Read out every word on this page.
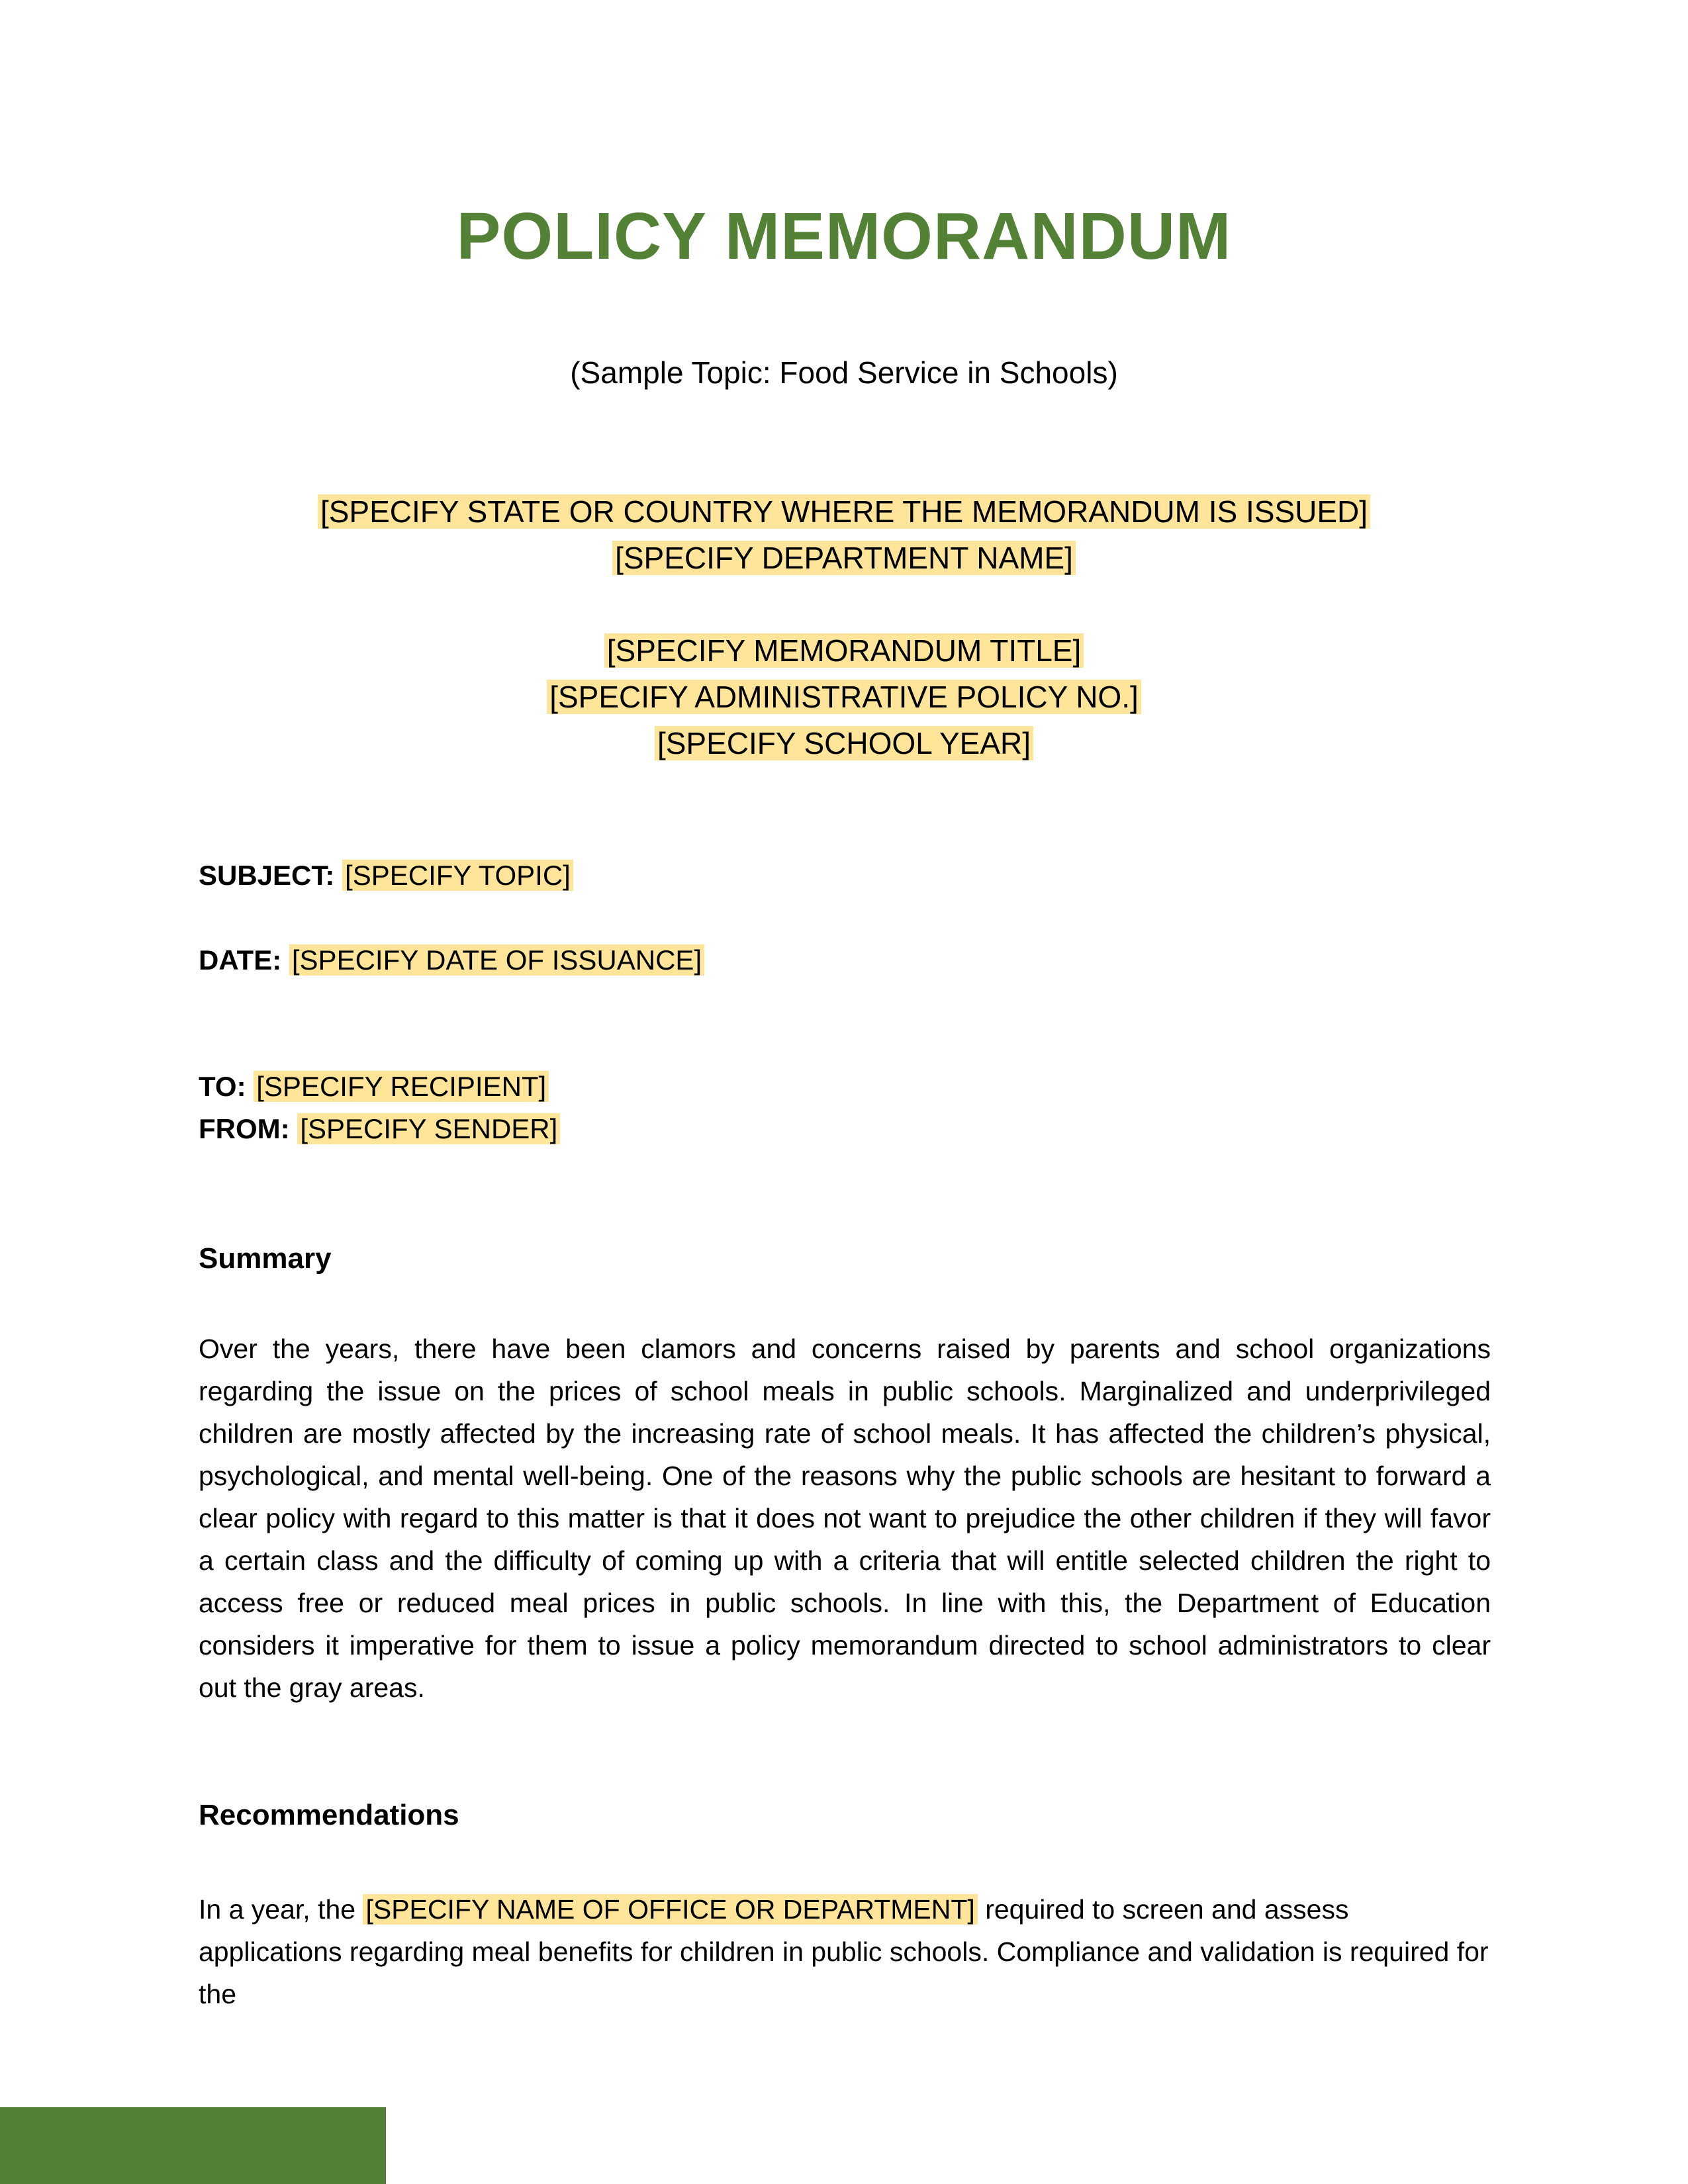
POLICY MEMORANDUM
(Sample Topic: Food Service in Schools)
[SPECIFY STATE OR COUNTRY WHERE THE MEMORANDUM IS ISSUED]
[SPECIFY DEPARTMENT NAME]
[SPECIFY MEMORANDUM TITLE]
[SPECIFY ADMINISTRATIVE POLICY NO.]
[SPECIFY SCHOOL YEAR]
SUBJECT: [SPECIFY TOPIC]
DATE: [SPECIFY DATE OF ISSUANCE]
TO: [SPECIFY RECIPIENT]
FROM: [SPECIFY SENDER]
Summary
Over the years, there have been clamors and concerns raised by parents and school organizations regarding the issue on the prices of school meals in public schools. Marginalized and underprivileged children are mostly affected by the increasing rate of school meals. It has affected the children’s physical, psychological, and mental well-being. One of the reasons why the public schools are hesitant to forward a clear policy with regard to this matter is that it does not want to prejudice the other children if they will favor a certain class and the difficulty of coming up with a criteria that will entitle selected children the right to access free or reduced meal prices in public schools. In line with this, the Department of Education considers it imperative for them to issue a policy memorandum directed to school administrators to clear out the gray areas.
Recommendations
In a year, the [SPECIFY NAME OF OFFICE OR DEPARTMENT] required to screen and assess applications regarding meal benefits for children in public schools. Compliance and validation is required for the
